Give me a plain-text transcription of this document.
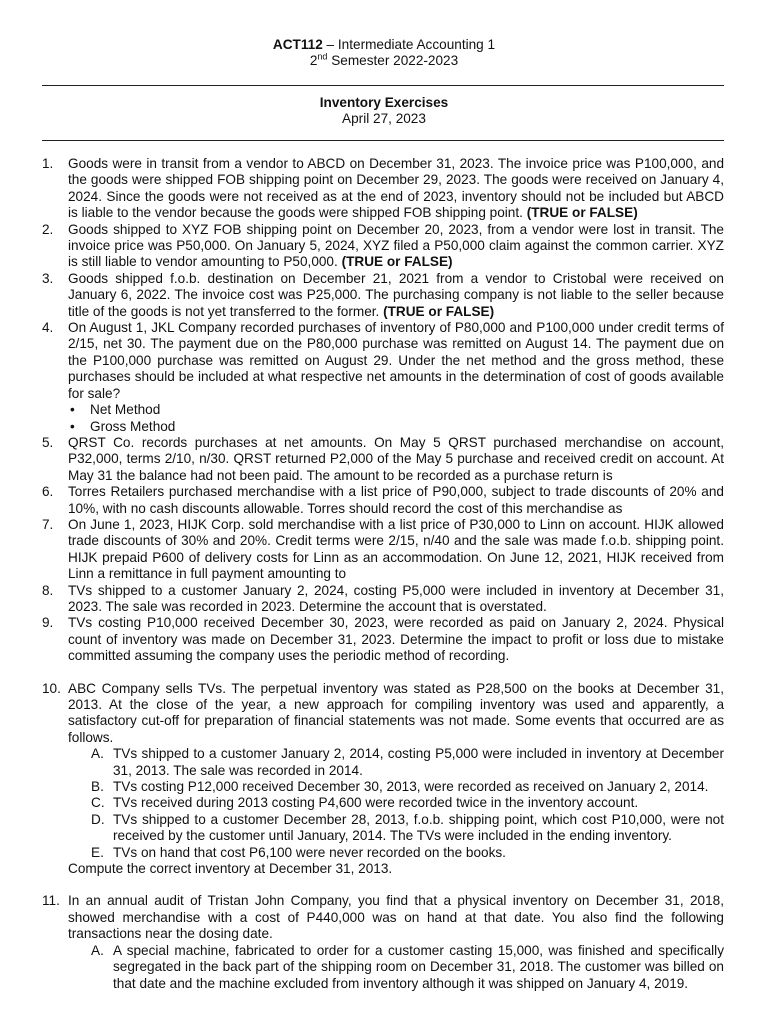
ACT112 – Intermediate Accounting 1
2nd Semester 2022-2023
Inventory Exercises
April 27, 2023
1.	Goods were in transit from a vendor to ABCD on December 31, 2023. The invoice price was P100,000, and the goods were shipped FOB shipping point on December 29, 2023. The goods were received on January 4, 2024. Since the goods were not received as at the end of 2023, inventory should not be included but ABCD is liable to the vendor because the goods were shipped FOB shipping point. (TRUE or FALSE)
2.	Goods shipped to XYZ FOB shipping point on December 20, 2023, from a vendor were lost in transit. The invoice price was P50,000. On January 5, 2024, XYZ filed a P50,000 claim against the common carrier. XYZ is still liable to vendor amounting to P50,000. (TRUE or FALSE)
3.	Goods shipped f.o.b. destination on December 21, 2021 from a vendor to Cristobal were received on January 6, 2022. The invoice cost was P25,000. The purchasing company is not liable to the seller because title of the goods is not yet transferred to the former. (TRUE or FALSE)
4.	On August 1, JKL Company recorded purchases of inventory of P80,000 and P100,000 under credit terms of 2/15, net 30. The payment due on the P80,000 purchase was remitted on August 14. The payment due on the P100,000 purchase was remitted on August 29. Under the net method and the gross method, these purchases should be included at what respective net amounts in the determination of cost of goods available for sale?
• Net Method
• Gross Method
5.	QRST Co. records purchases at net amounts. On May 5 QRST purchased merchandise on account, P32,000, terms 2/10, n/30. QRST returned P2,000 of the May 5 purchase and received credit on account. At May 31 the balance had not been paid. The amount to be recorded as a purchase return is
6.	Torres Retailers purchased merchandise with a list price of P90,000, subject to trade discounts of 20% and 10%, with no cash discounts allowable. Torres should record the cost of this merchandise as
7.	On June 1, 2023, HIJK Corp. sold merchandise with a list price of P30,000 to Linn on account. HIJK allowed trade discounts of 30% and 20%. Credit terms were 2/15, n/40 and the sale was made f.o.b. shipping point. HIJK prepaid P600 of delivery costs for Linn as an accommodation. On June 12, 2021, HIJK received from Linn a remittance in full payment amounting to
8.	TVs shipped to a customer January 2, 2024, costing P5,000 were included in inventory at December 31, 2023. The sale was recorded in 2023. Determine the account that is overstated.
9.	TVs costing P10,000 received December 30, 2023, were recorded as paid on January 2, 2024. Physical count of inventory was made on December 31, 2023. Determine the impact to profit or loss due to mistake committed assuming the company uses the periodic method of recording.
10. ABC Company sells TVs. The perpetual inventory was stated as P28,500 on the books at December 31, 2013. At the close of the year, a new approach for compiling inventory was used and apparently, a satisfactory cut-off for preparation of financial statements was not made. Some events that occurred are as follows.
A. TVs shipped to a customer January 2, 2014, costing P5,000 were included in inventory at December 31, 2013. The sale was recorded in 2014.
B. TVs costing P12,000 received December 30, 2013, were recorded as received on January 2, 2014.
C. TVs received during 2013 costing P4,600 were recorded twice in the inventory account.
D. TVs shipped to a customer December 28, 2013, f.o.b. shipping point, which cost P10,000, were not received by the customer until January, 2014. The TVs were included in the ending inventory.
E. TVs on hand that cost P6,100 were never recorded on the books.
Compute the correct inventory at December 31, 2013.
11. In an annual audit of Tristan John Company, you find that a physical inventory on December 31, 2018, showed merchandise with a cost of P440,000 was on hand at that date. You also find the following transactions near the dosing date.
A. A special machine, fabricated to order for a customer casting 15,000, was finished and specifically segregated in the back part of the shipping room on December 31, 2018. The customer was billed on that date and the machine excluded from inventory although it was shipped on January 4, 2019.
